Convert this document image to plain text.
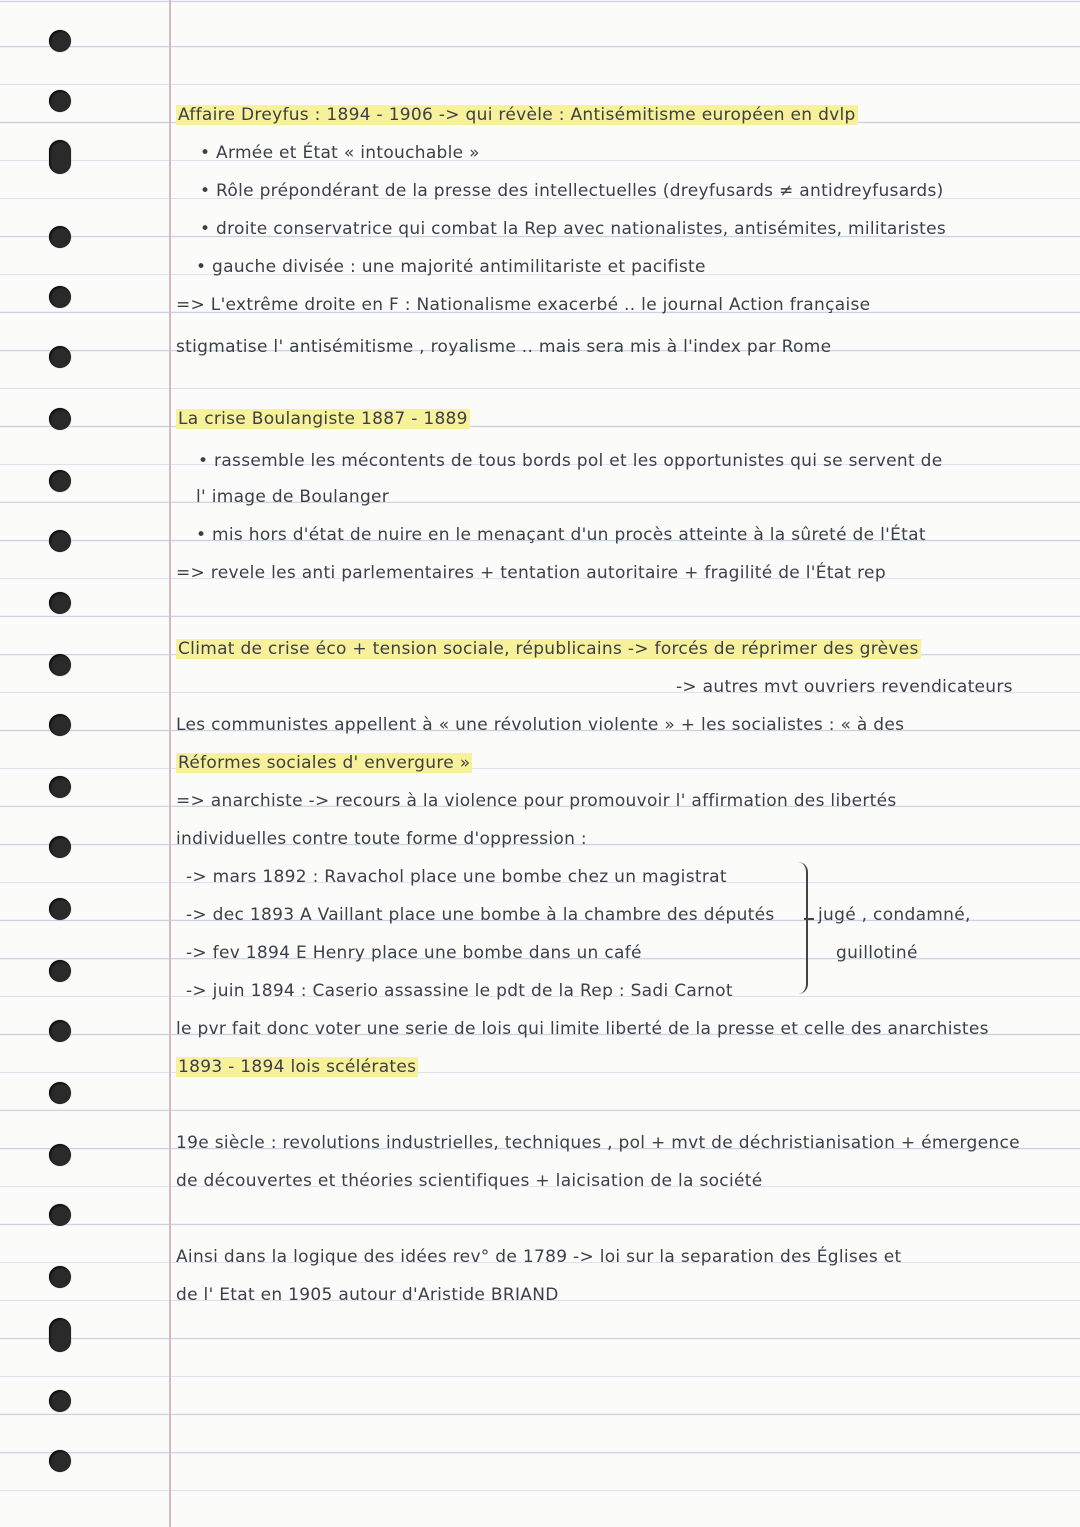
Affaire Dreyfus : 1894 - 1906 -> qui révèle : Antisémitisme européen en dvlp
• Armée et État « intouchable »
• Rôle prépondérant de la presse des intellectuelles (dreyfusards ≠ antidreyfusards)
• droite conservatrice qui combat la Rep avec nationalistes, antisémites, militaristes
• gauche divisée : une majorité antimilitariste et pacifiste
=> L'extrême droite en F : Nationalisme exacerbé .. le journal Action française
stigmatise l' antisémitisme , royalisme .. mais sera mis à l'index par Rome
La crise Boulangiste 1887 - 1889
• rassemble les mécontents de tous bords pol et les opportunistes qui se servent de
l' image de Boulanger
• mis hors d'état de nuire en le menaçant d'un procès atteinte à la sûreté de l'État
=> revele les anti parlementaires + tentation autoritaire + fragilité de l'État rep
Climat de crise éco + tension sociale, républicains -> forcés de réprimer des grèves
-> autres mvt ouvriers revendicateurs
Les communistes appellent à « une révolution violente » + les socialistes : « à des
Réformes sociales d' envergure »
=> anarchiste -> recours à la violence pour promouvoir l' affirmation des libertés
individuelles contre toute forme d'oppression :
-> mars 1892 : Ravachol place une bombe chez un magistrat
-> dec 1893 A Vaillant place une bombe à la chambre des députés
-> fev 1894 E Henry place une bombe dans un café
-> juin 1894 : Caserio assassine le pdt de la Rep : Sadi Carnot
jugé , condamné,
guillotiné
le pvr fait donc voter une serie de lois qui limite liberté de la presse et celle des anarchistes
1893 - 1894 lois scélérates
19e siècle : revolutions industrielles, techniques , pol + mvt de déchristianisation + émergence
de découvertes et théories scientifiques + laicisation de la société
Ainsi dans la logique des idées rev° de 1789 -> loi sur la separation des Églises et
de l' Etat en 1905 autour d'Aristide BRIAND
